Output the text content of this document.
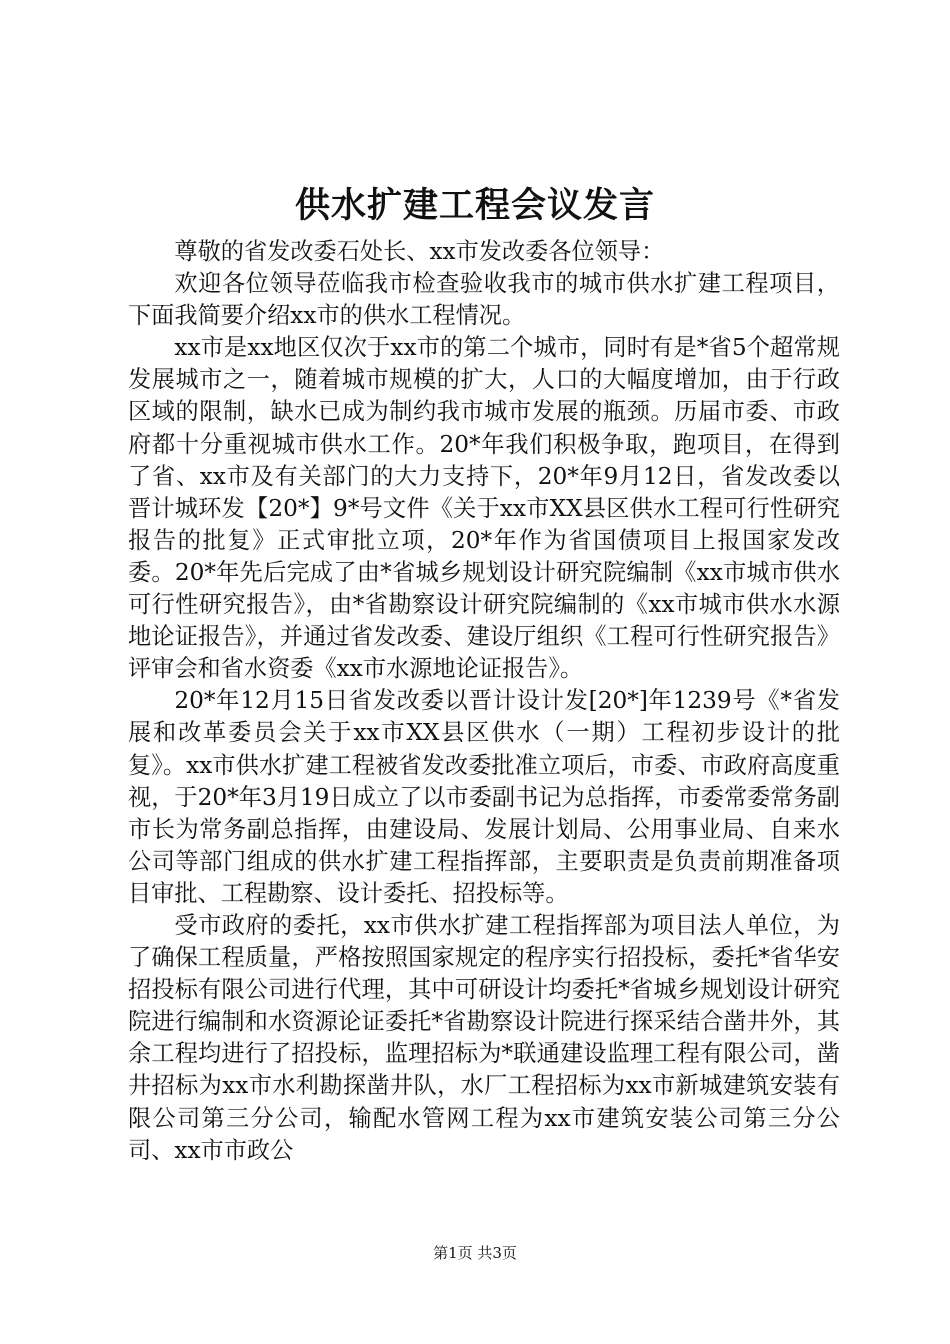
供水扩建工程会议发言

尊敬的省发改委石处长、xx市发改委各位领导：

欢迎各位领导莅临我市检查验收我市的城市供水扩建工程项目，下面我简要介绍xx市的供水工程情况。

xx市是xx地区仅次于xx市的第二个城市，同时有是*省5个超常规发展城市之一，随着城市规模的扩大，人口的大幅度增加，由于行政区域的限制，缺水已成为制约我市城市发展的瓶颈。历届市委、市政府都十分重视城市供水工作。20*年我们积极争取，跑项目，在得到了省、xx市及有关部门的大力支持下，20*年9月12日，省发改委以晋计城环发【20*】9*号文件《关于xx市XX县区供水工程可行性研究报告的批复》正式审批立项，20*年作为省国债项目上报国家发改委。20*年先后完成了由*省城乡规划设计研究院编制《xx市城市供水可行性研究报告》，由*省勘察设计研究院编制的《xx市城市供水水源地论证报告》，并通过省发改委、建设厅组织《工程可行性研究报告》评审会和省水资委《xx市水源地论证报告》。

20*年12月15日省发改委以晋计设计发[20*]年1239号《*省发展和改革委员会关于xx市XX县区供水（一期）工程初步设计的批复》。xx市供水扩建工程被省发改委批准立项后，市委、市政府高度重视，于20*年3月19日成立了以市委副书记为总指挥，市委常委常务副市长为常务副总指挥，由建设局、发展计划局、公用事业局、自来水公司等部门组成的供水扩建工程指挥部，主要职责是负责前期准备项目审批、工程勘察、设计委托、招投标等。

受市政府的委托，xx市供水扩建工程指挥部为项目法人单位，为了确保工程质量，严格按照国家规定的程序实行招投标，委托*省华安招投标有限公司进行代理，其中可研设计均委托*省城乡规划设计研究院进行编制和水资源论证委托*省勘察设计院进行探采结合凿井外，其余工程均进行了招投标，监理招标为*联通建设监理工程有限公司，凿井招标为xx市水利勘探凿井队，水厂工程招标为xx市新城建筑安装有限公司第三分公司，输配水管网工程为xx市建筑安装公司第三分公司、xx市市政公

第1页 共3页
